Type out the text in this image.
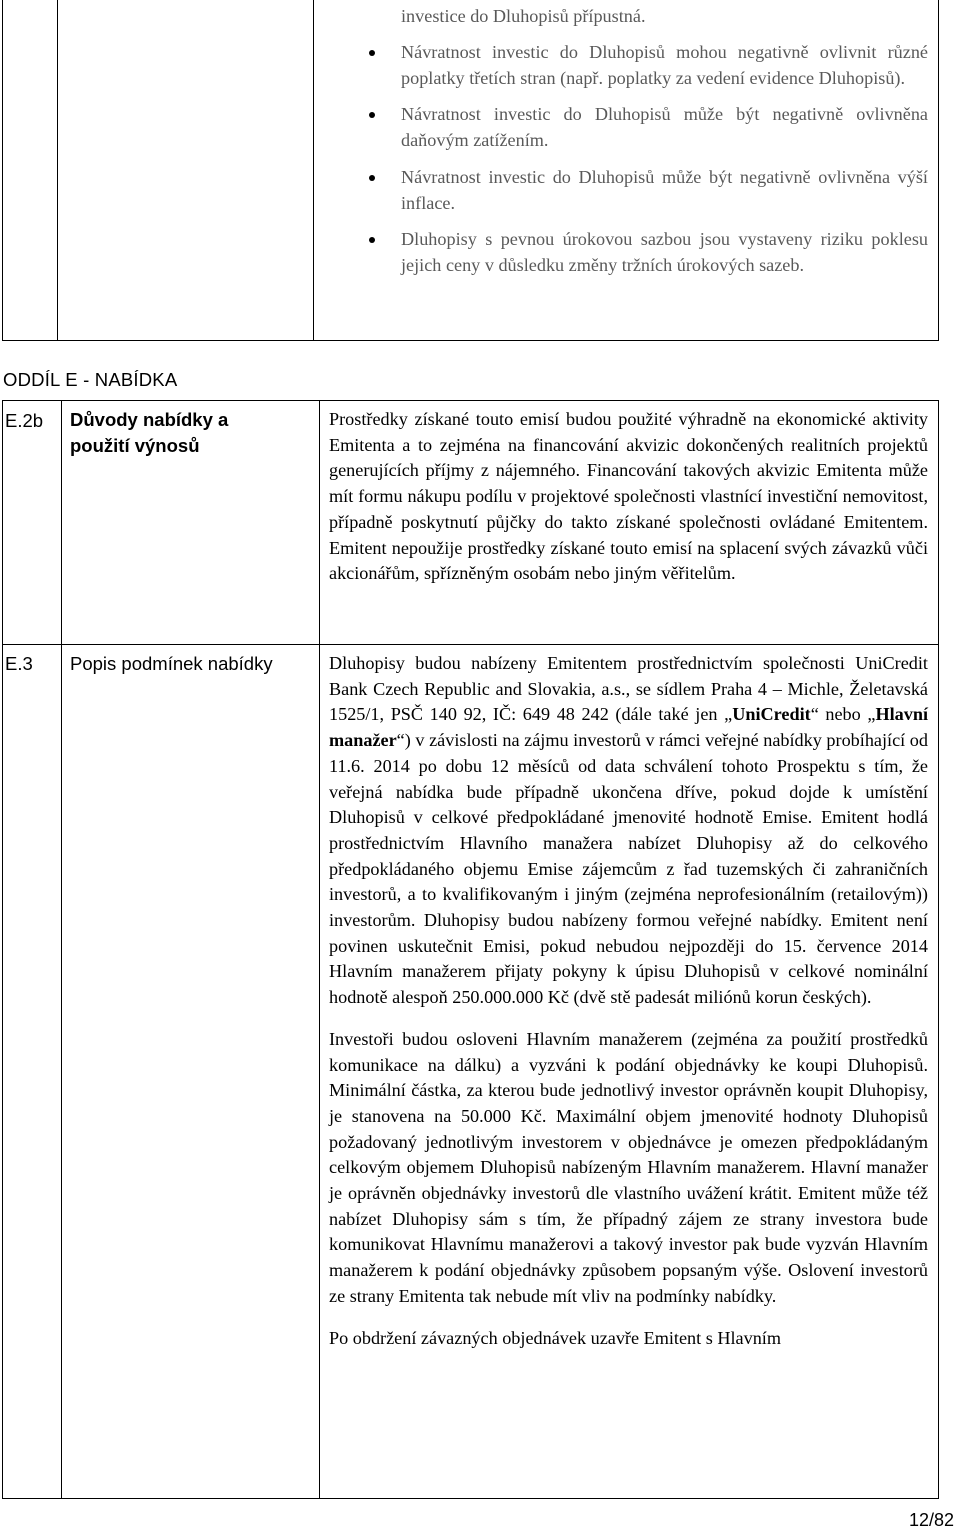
investice do Dluhopisů přípustná.
Návratnost investic do Dluhopisů mohou negativně ovlivnit různé poplatky třetích stran (např. poplatky za vedení evidence Dluhopisů).
Návratnost investic do Dluhopisů může být negativně ovlivněna daňovým zatížením.
Návratnost investic do Dluhopisů může být negativně ovlivněna výší inflace.
Dluhopisy s pevnou úrokovou sazbou jsou vystaveny riziku poklesu jejich ceny v důsledku změny tržních úrokových sazeb.
ODDÍL E - NABÍDKA
E.2b Důvody nabídky a použití výnosů

Prostředky získané touto emisí budou použité výhradně na ekonomické aktivity Emitenta a to zejména na financování akvizic dokončených realitních projektů generujících příjmy z nájemného. Financování takových akvizic Emitenta může mít formu nákupu podílu v projektové společnosti vlastnící investiční nemovitost, případně poskytnutí půjčky do takto získané společnosti ovládané Emitentem. Emitent nepoužije prostředky získané touto emisí na splacení svých závazků vůči akcionářům, spřízněným osobám nebo jiným věřitelům.

E.3 Popis podmínek nabídky	Dluhopisy budou nabízeny Emitentem prostřednictvím společnosti UniCredit Bank Czech Republic and Slovakia, a.s., se sídlem Praha 4 – Michle, Želetavská 1525/1, PSČ 140 92, IČ: 649 48 242 (dále také jen „UniCredit“ nebo „Hlavní manažer“) v závislosti na zájmu investorů v rámci veřejné nabídky probíhající od 11.6. 2014 po dobu 12 měsíců od data schválení tohoto Prospektu s tím, že veřejná nabídka bude případně ukončena dříve, pokud dojde k umístění Dluhopisů v celkové předpokládané jmenovité hodnotě Emise. Emitent hodlá prostřednictvím Hlavního manažera nabízet Dluhopisy až do celkového předpokládaného objemu Emise zájemcům z řad tuzemských či zahraničních investorů, a to kvalifikovaným i jiným (zejména neprofesionálním (retailovým)) investorům. Dluhopisy budou nabízeny formou veřejné nabídky. Emitent není povinen uskutečnit Emisi, pokud nebudou nejpozději do 15. července 2014 Hlavním manažerem přijaty pokyny k úpisu Dluhopisů v celkové nominální hodnotě alespoň 250.000.000 Kč (dvě stě padesát miliónů korun českých).

Investoři budou osloveni Hlavním manažerem (zejména za použití prostředků komunikace na dálku) a vyzváni k podání objednávky ke koupi Dluhopisů. Minimální částka, za kterou bude jednotlivý investor oprávněn koupit Dluhopisy, je stanovena na 50.000 Kč. Maximální objem jmenovité hodnoty Dluhopisů požadovaný jednotlivým investorem v objednávce je omezen předpokládaným celkovým objemem Dluhopisů nabízeným Hlavním manažerem. Hlavní manažer je oprávněn objednávky investorů dle vlastního uvážení krátit. Emitent může též nabízet Dluhopisy sám s tím, že případný zájem ze strany investora bude komunikovat Hlavnímu manažerovi a takový investor pak bude vyzván Hlavním manažerem k podání objednávky způsobem popsaným výše. Oslovení investorů ze strany Emitenta tak nebude mít vliv na podmínky nabídky.

Po obdržení závazných objednávek uzavře Emitent s Hlavním

12/82
